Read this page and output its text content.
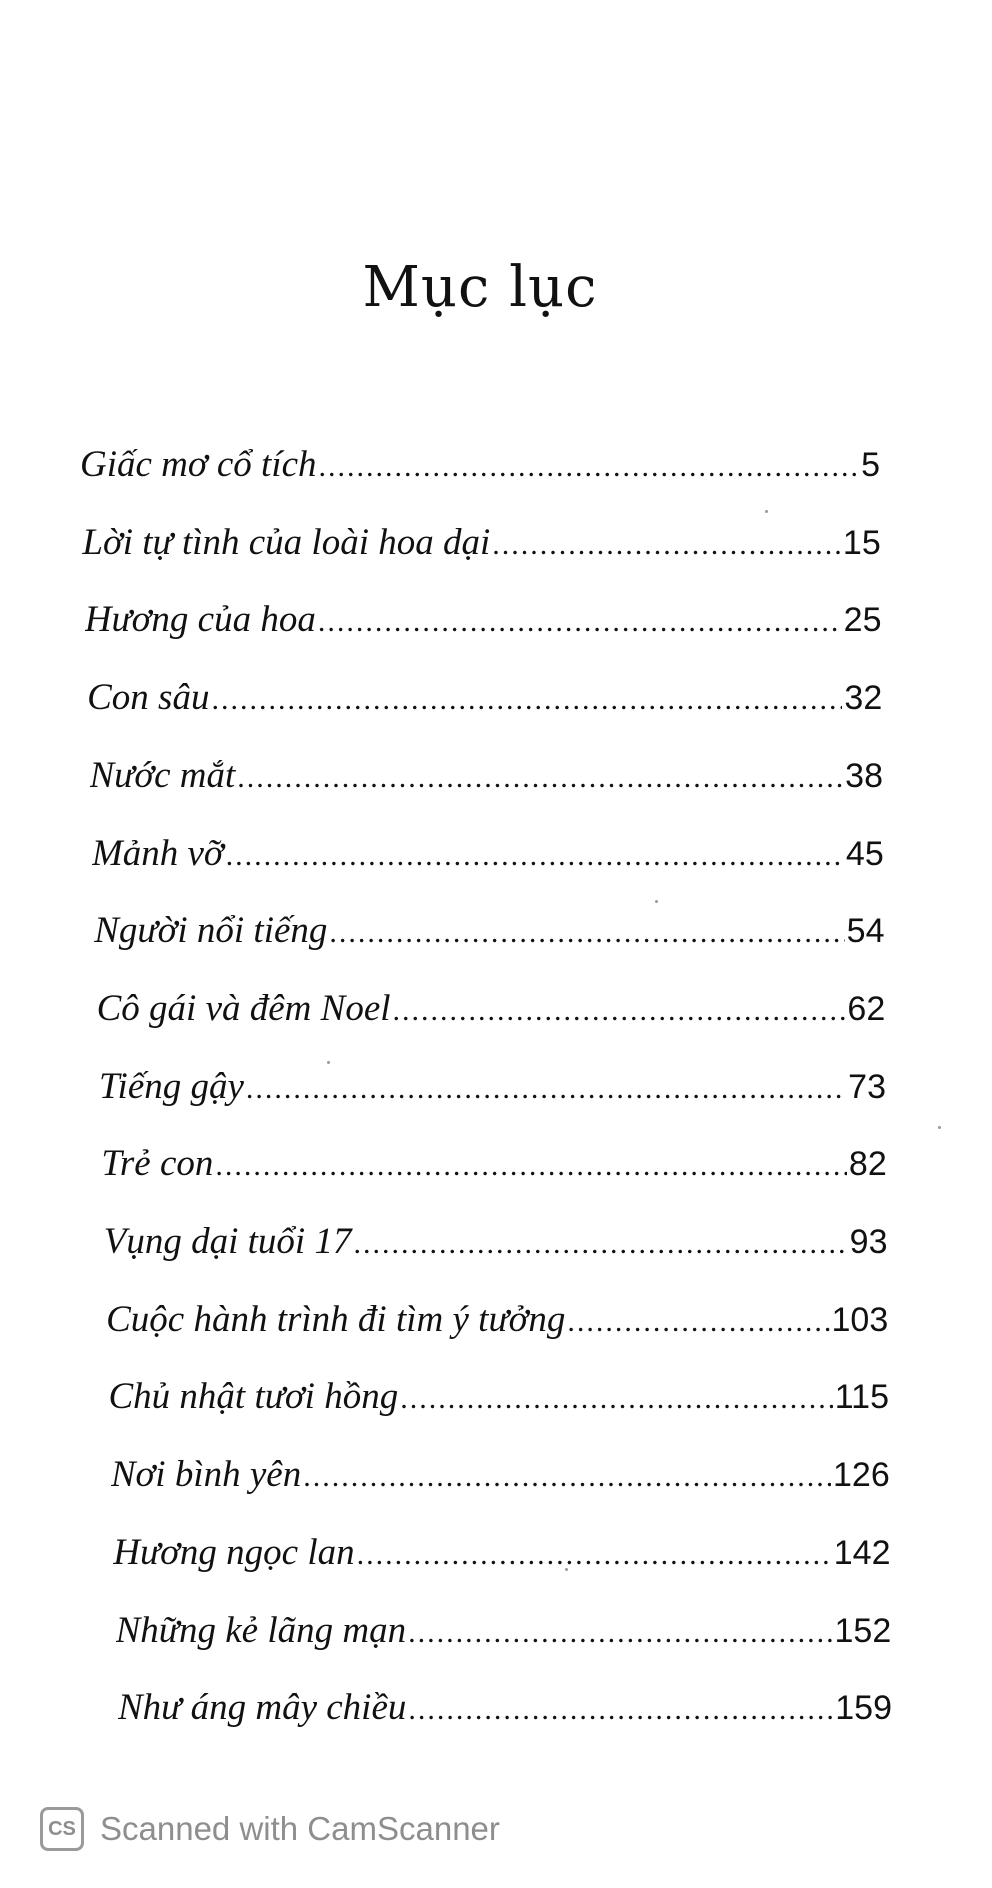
Mục lục
Giấc mơ cổ tích .....	5
Lời tự tình của loài hoa dại .....	15
Hương của hoa .....	25
Con sâu .....	32
Nước mắt .....	38
Mảnh vỡ .....	45
Người nổi tiếng .....	54
Cô gái và đêm Noel .....	62
Tiếng gậy .....	73
Trẻ con .....	82
Vụng dại tuổi 17 .....	93
Cuộc hành trình đi tìm ý tưởng .....	103
Chủ nhật tươi hồng .....	115
Nơi bình yên .....	126
Hương ngọc lan .....	142
Những kẻ lãng mạn .....	152
Như áng mây chiều .....	159
CS Scanned with CamScanner
